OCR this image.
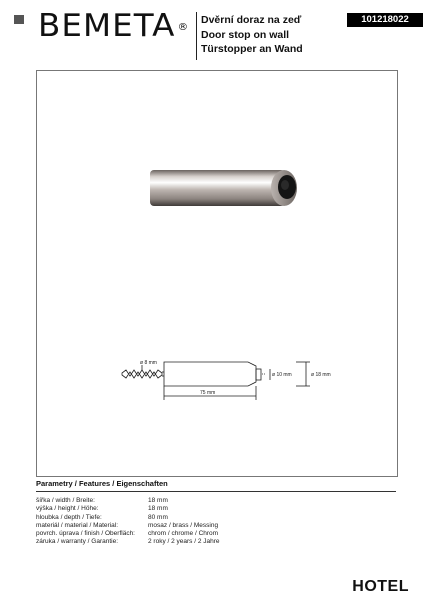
BEMETA ®
Dvěrní doraz na zeď
Door stop on wall
Türstopper an Wand
101218022
ø 8 mm
ø 10 mm	ø 18 mm
75 mm
Parametry / Features / Eigenschaften
šířka / width / Breite:	18 mm
výška / height / Höhe:	18 mm
hloubka / depth / Tiefe:	80 mm
materiál / material / Material:	mosaz / brass / Messing
povrch. úprava / finish / Oberfläch:	chrom / chrome / Chrom
záruka / warranty / Garantie:	2 roky / 2 years / 2 Jahre
HOTEL
